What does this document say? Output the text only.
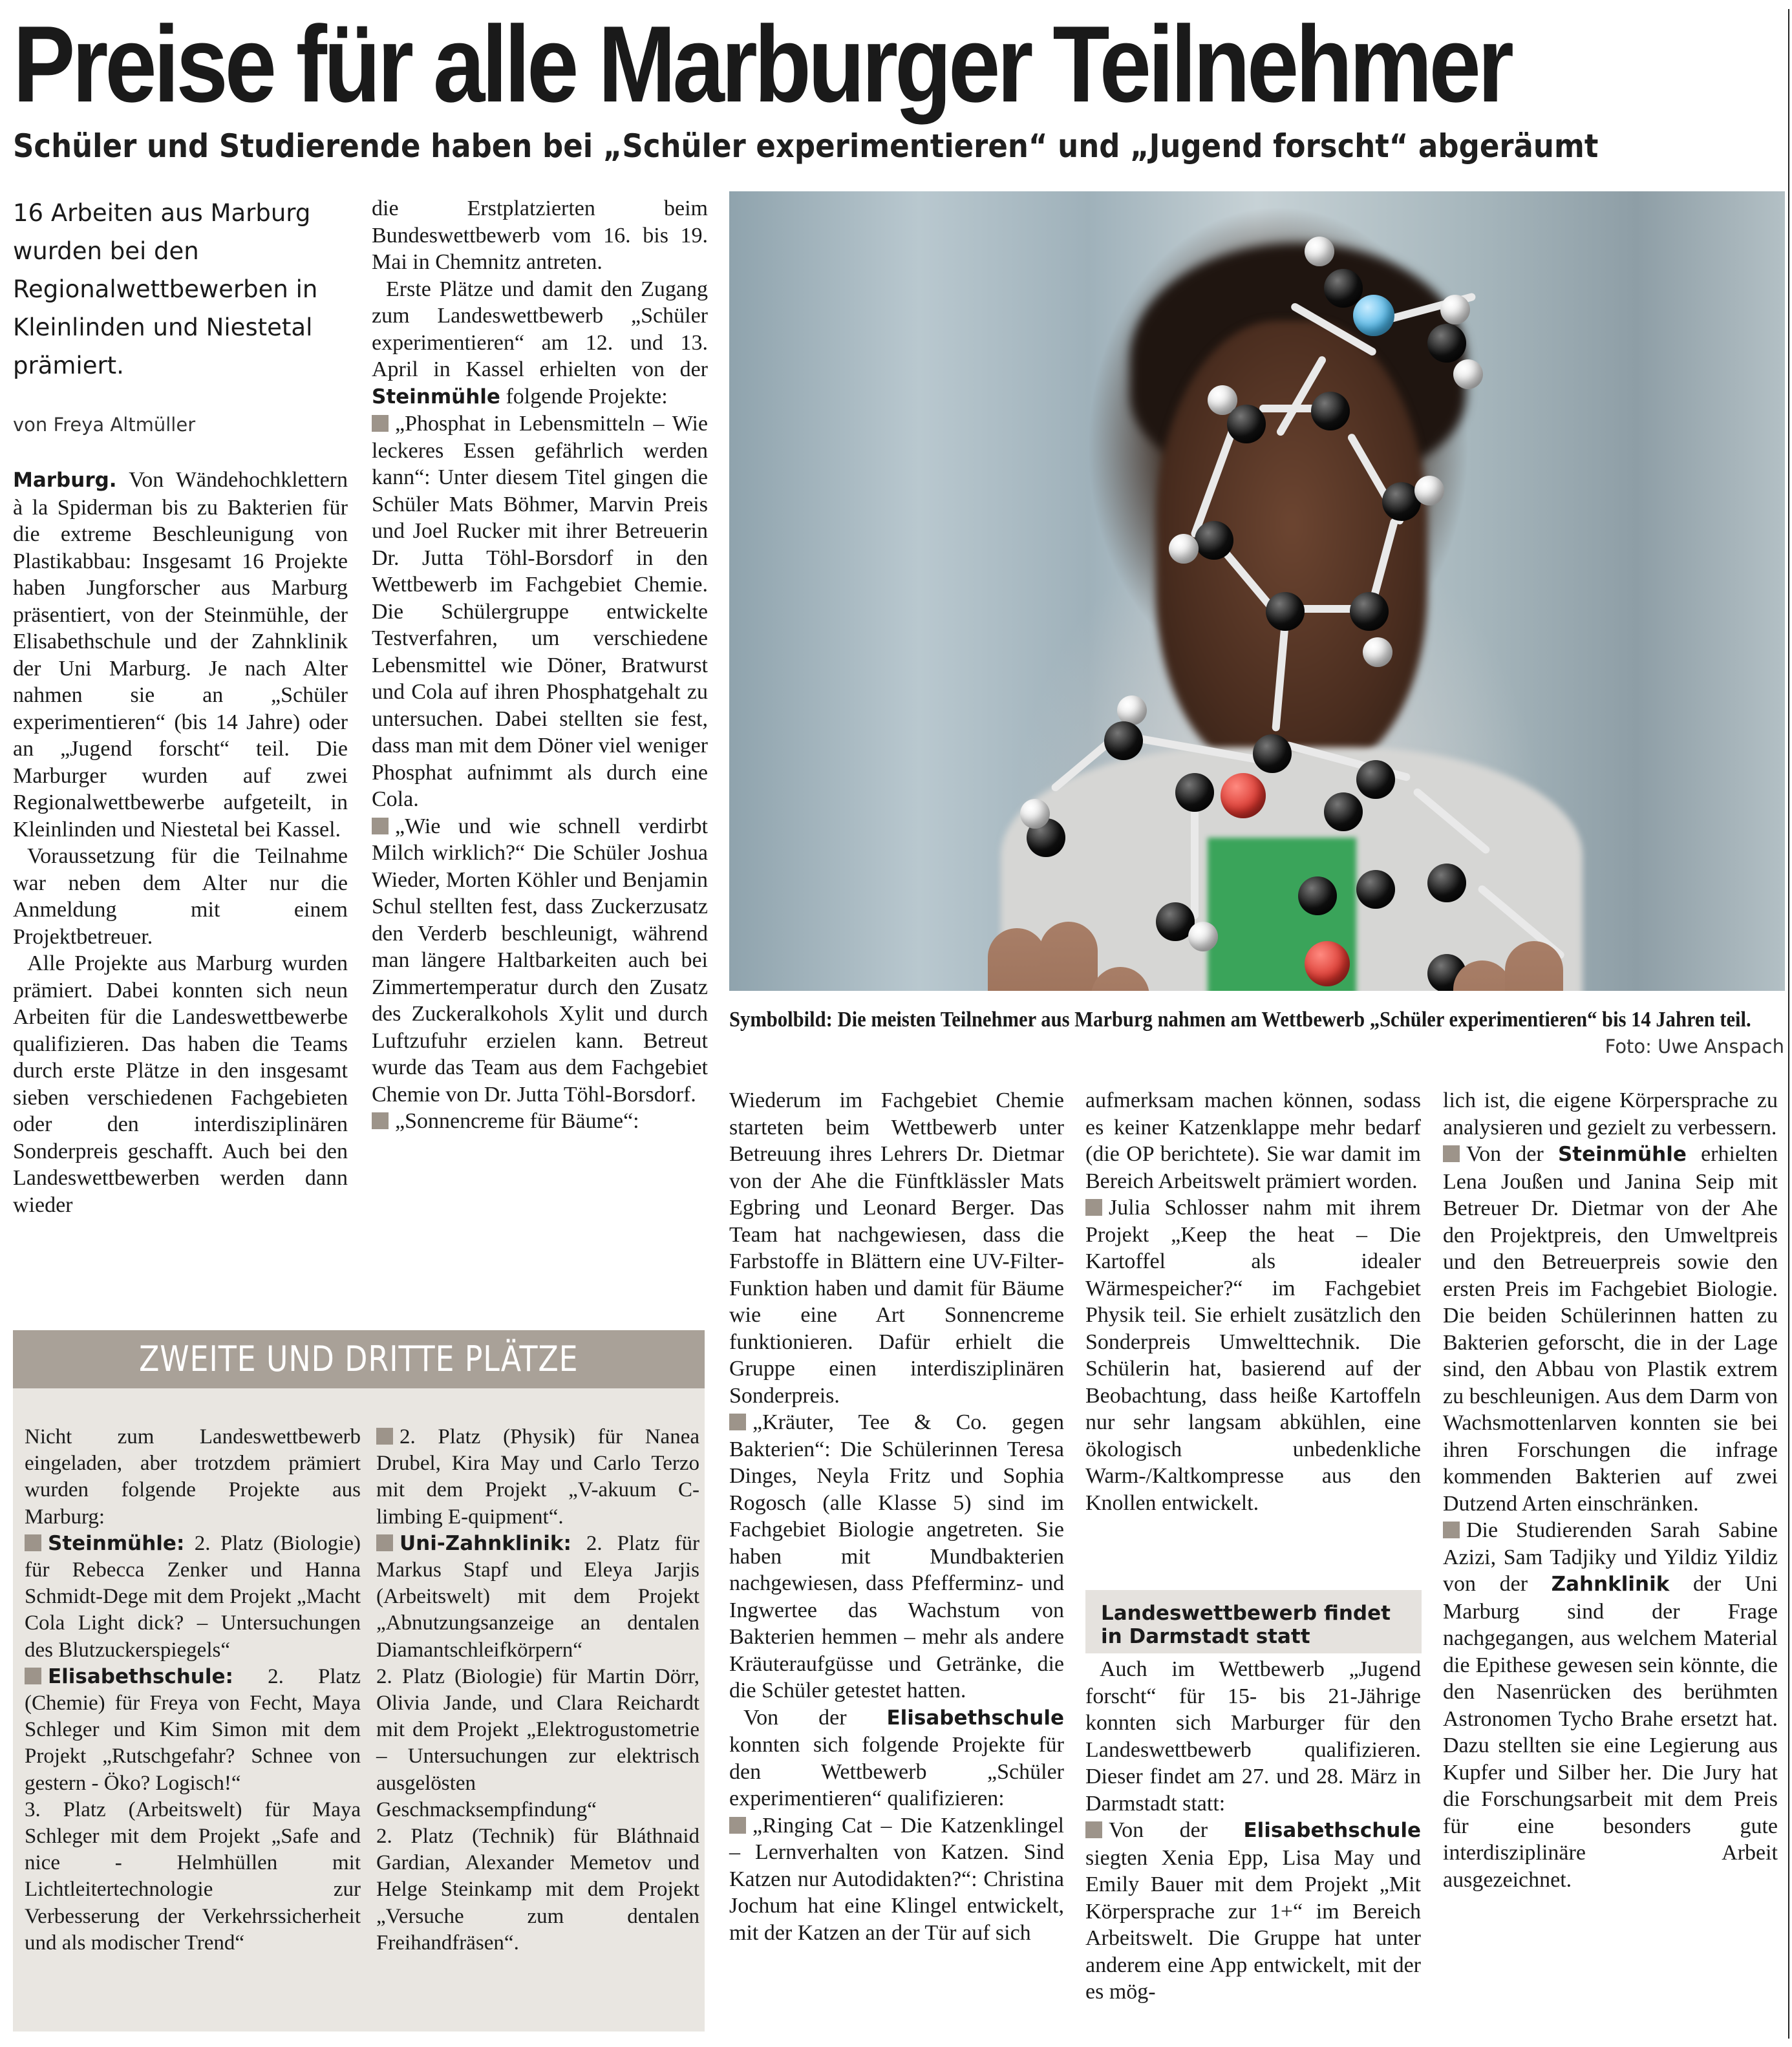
Preise für alle Marburger Teilnehmer
Schüler und Studierende haben bei „Schüler experimentieren“ und „Jugend forscht“ abgeräumt
16 Arbeiten aus Marburg wurden bei den Regionalwettbewerben in Kleinlinden und Niestetal prämiert.
von Freya Altmüller

Marburg. Von Wändehochklettern à la Spiderman bis zu Bakterien für die extreme Beschleunigung von Plastikabbau: Insgesamt 16 Projekte haben Jungforscher aus Marburg präsentiert, von der Steinmühle, der Elisabethschule und der Zahnklinik der Uni Marburg. Je nach Alter nahmen sie an „Schüler experimentieren“ (bis 14 Jahre) oder an „Jugend forscht“ teil. Die Marburger wurden auf zwei Regionalwettbewerbe aufgeteilt, in Kleinlinden und Niestetal bei Kassel.

Voraussetzung für die Teilnahme war neben dem Alter nur die Anmeldung mit einem Projektbetreuer.

Alle Projekte aus Marburg wurden prämiert. Dabei konnten sich neun Arbeiten für die Landeswettbewerbe qualifizieren. Das haben die Teams durch erste Plätze in den insgesamt sieben verschiedenen Fachgebieten oder den interdisziplinären Sonderpreis geschafft. Auch bei den Landeswettbewerben werden dann wieder

die Erstplatzierten beim Bundeswettbewerb vom 16. bis 19. Mai in Chemnitz antreten.

Erste Plätze und damit den Zugang zum Landeswettbewerb „Schüler experimentieren“ am 12. und 13. April in Kassel erhielten von der Steinmühle folgende Projekte:

„Phosphat in Lebensmitteln – Wie leckeres Essen gefährlich werden kann“: Unter diesem Titel gingen die Schüler Mats Böhmer, Marvin Preis und Joel Rucker mit ihrer Betreuerin Dr. Jutta Töhl-Borsdorf in den Wettbewerb im Fachgebiet Chemie. Die Schülergruppe entwickelte Testverfahren, um verschiedene Lebensmittel wie Döner, Bratwurst und Cola auf ihren Phosphatgehalt zu untersuchen. Dabei stellten sie fest, dass man mit dem Döner viel weniger Phosphat aufnimmt als durch eine Cola.

„Wie und wie schnell verdirbt Milch wirklich?“ Die Schüler Joshua Wieder, Morten Köhler und Benjamin Schul stellten fest, dass Zuckerzusatz den Verderb beschleunigt, während man längere Haltbarkeiten auch bei Zimmertemperatur durch den Zusatz des Zuckeralkohols Xylit und durch Luftzufuhr erzielen kann. Betreut wurde das Team aus dem Fachgebiet Chemie von Dr. Jutta Töhl-Borsdorf.

„Sonnencreme für Bäume“:

ZWEITE UND DRITTE PLÄTZE

Nicht zum Landeswettbewerb eingeladen, aber trotzdem prämiert wurden folgende Projekte aus Marburg:

Steinmühle: 2. Platz (Biologie) für Rebecca Zenker und Hanna Schmidt-Dege mit dem Projekt „Macht Cola Light dick? – Untersuchungen des Blutzuckerspiegels“

Elisabethschule: 2. Platz (Chemie) für Freya von Fecht, Maya Schleger und Kim Simon mit dem Projekt „Rutschgefahr? Schnee von gestern - Öko? Logisch!“

3. Platz (Arbeitswelt) für Maya Schleger mit dem Projekt „Safe and nice - Helmhüllen mit Lichtleitertechnologie zur Verbesserung der Verkehrssicherheit und als modischer Trend“

2. Platz (Physik) für Nanea Drubel, Kira May und Carlo Terzo mit dem Projekt „V-akuum C-limbing E-quipment“.

Uni-Zahnklinik: 2. Platz für Markus Stapf und Eleya Jarjis (Arbeitswelt) mit dem Projekt „Abnutzungsanzeige an dentalen Diamantschleifkörpern“

2. Platz (Biologie) für Martin Dörr, Olivia Jande, und Clara Reichardt mit dem Projekt „Elektrogustometrie – Untersuchungen zur elektrisch ausgelösten Geschmacksempfindung“

2. Platz (Technik) für Bláthnaid Gardian, Alexander Memetov und Helge Steinkamp mit dem Projekt „Versuche zum dentalen Freihandfräsen“.

Symbolbild: Die meisten Teilnehmer aus Marburg nahmen am Wettbewerb „Schüler experimentieren“ bis 14 Jahren teil.
Foto: Uwe Anspach

Wiederum im Fachgebiet Chemie starteten beim Wettbewerb unter Betreuung ihres Lehrers Dr. Dietmar von der Ahe die Fünftklässler Mats Egbring und Leonard Berger. Das Team hat nachgewiesen, dass die Farbstoffe in Blättern eine UV-Filter-Funktion haben und damit für Bäume wie eine Art Sonnencreme funktionieren. Dafür erhielt die Gruppe einen interdisziplinären Sonderpreis.

„Kräuter, Tee & Co. gegen Bakterien“: Die Schülerinnen Teresa Dinges, Neyla Fritz und Sophia Rogosch (alle Klasse 5) sind im Fachgebiet Biologie angetreten. Sie haben mit Mundbakterien nachgewiesen, dass Pfefferminz- und Ingwertee das Wachstum von Bakterien hemmen – mehr als andere Kräuteraufgüsse und Getränke, die die Schüler getestet hatten.

Von der Elisabethschule konnten sich folgende Projekte für den Wettbewerb „Schüler experimentieren“ qualifizieren:

„Ringing Cat – Die Katzenklingel – Lernverhalten von Katzen. Sind Katzen nur Autodidakten?“: Christina Jochum hat eine Klingel entwickelt, mit der Katzen an der Tür auf sich

aufmerksam machen können, sodass es keiner Katzenklappe mehr bedarf (die OP berichtete). Sie war damit im Bereich Arbeitswelt prämiert worden.

Julia Schlosser nahm mit ihrem Projekt „Keep the heat – Die Kartoffel als idealer Wärmespeicher?“ im Fachgebiet Physik teil. Sie erhielt zusätzlich den Sonderpreis Umwelttechnik. Die Schülerin hat, basierend auf der Beobachtung, dass heiße Kartoffeln nur sehr langsam abkühlen, eine ökologisch unbedenkliche Warm-/Kaltkompresse aus den Knollen entwickelt.

Landeswettbewerb findet in Darmstadt statt

Auch im Wettbewerb „Jugend forscht“ für 15- bis 21-Jährige konnten sich Marburger für den Landeswettbewerb qualifizieren. Dieser findet am 27. und 28. März in Darmstadt statt:

Von der Elisabethschule siegten Xenia Epp, Lisa May und Emily Bauer mit dem Projekt „Mit Körpersprache zur 1+“ im Bereich Arbeitswelt. Die Gruppe hat unter anderem eine App entwickelt, mit der es mög-

lich ist, die eigene Körpersprache zu analysieren und gezielt zu verbessern.

Von der Steinmühle erhielten Lena Joußen und Janina Seip mit Betreuer Dr. Dietmar von der Ahe den Projektpreis, den Umweltpreis und den Betreuerpreis sowie den ersten Preis im Fachgebiet Biologie. Die beiden Schülerinnen hatten zu Bakterien geforscht, die in der Lage sind, den Abbau von Plastik extrem zu beschleunigen. Aus dem Darm von Wachsmottenlarven konnten sie bei ihren Forschungen die infrage kommenden Bakterien auf zwei Dutzend Arten einschränken.

Die Studierenden Sarah Sabine Azizi, Sam Tadjiky und Yildiz Yildiz von der Zahnklinik der Uni Marburg sind der Frage nachgegangen, aus welchem Material die Epithese gewesen sein könnte, die den Nasenrücken des berühmten Astronomen Tycho Brahe ersetzt hat. Dazu stellten sie eine Legierung aus Kupfer und Silber her. Die Jury hat die Forschungsarbeit mit dem Preis für eine besonders gute interdisziplinäre Arbeit ausgezeichnet.
